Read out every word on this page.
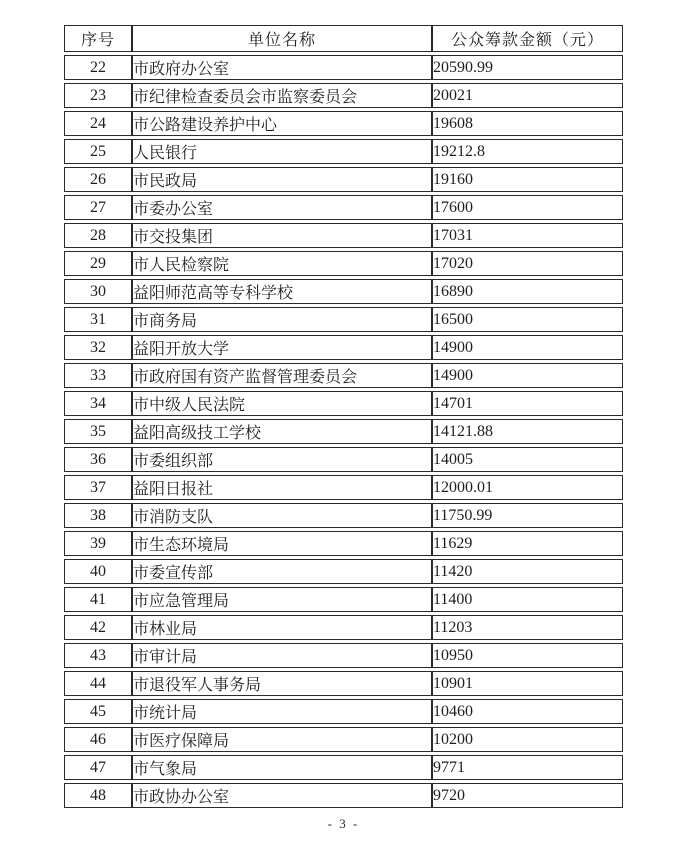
序号	单位名称	公众筹款金额（元）
22	市政府办公室	20590.99
23	市纪律检查委员会市监察委员会	20021
24	市公路建设养护中心	19608
25	人民银行	19212.8
26	市民政局	19160
27	市委办公室	17600
28	市交投集团	17031
29	市人民检察院	17020
30	益阳师范高等专科学校	16890
31	市商务局	16500
32	益阳开放大学	14900
33	市政府国有资产监督管理委员会	14900
34	市中级人民法院	14701
35	益阳高级技工学校	14121.88
36	市委组织部	14005
37	益阳日报社	12000.01
38	市消防支队	11750.99
39	市生态环境局	11629
40	市委宣传部	11420
41	市应急管理局	11400
42	市林业局	11203
43	市审计局	10950
44	市退役军人事务局	10901
45	市统计局	10460
46	市医疗保障局	10200
47	市气象局	9771
48	市政协办公室	9720
- 3 -
